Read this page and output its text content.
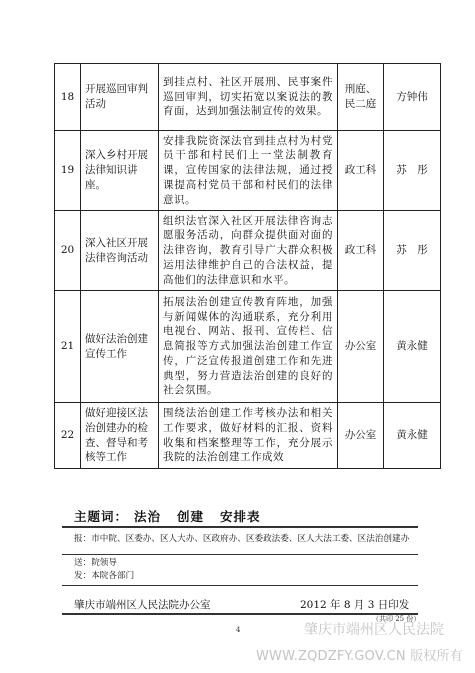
18	开展巡回审判活动	到挂点村、社区开展刑、民事案件巡回审判，切实拓宽以案说法的教育面，达到加强法制宣传的效果。	刑庭、民二庭	方钟伟
19	深入乡村开展法律知识讲座。	安排我院资深法官到挂点村为村党员干部和村民们上一堂法制教育课，宣传国家的法律法规，通过授课提高村党员干部和村民们的法律意识。	政工科	苏　彤
20	深入社区开展法律咨询活动	组织法官深入社区开展法律咨询志愿服务活动，向群众提供面对面的法律咨询，教育引导广大群众积极运用法律维护自己的合法权益，提高他们的法律意识和水平。	政工科	苏　彤
21	做好法治创建宣传工作	拓展法治创建宣传教育阵地，加强与新闻媒体的沟通联系，充分利用电视台、网站、报刊、宣传栏、信息简报等方式加强法治创建工作宣传，广泛宣传报道创建工作和先进典型，努力营造法治创建的良好的社会氛围。	办公室	黄永健
22	做好迎接区法治创建办的检查、督导和考核等工作	围绕法治创建工作考核办法和相关工作要求，做好材料的汇报、资料收集和档案整理等工作，充分展示我院的法治创建工作成效	办公室	黄永健
主题词： 法治 创建 安排表
报：市中院、区委办、区人大办、区政府办、区委政法委、区人大法工委、区法治创建办
送：院领导
发：本院各部门
肇庆市端州区人民法院办公室	2012 年 8 月 3 日印发
（共印 25 份）
4	肇庆市端州区人民法院
WWW.ZQDZFY.GOV.CN 版权所有
